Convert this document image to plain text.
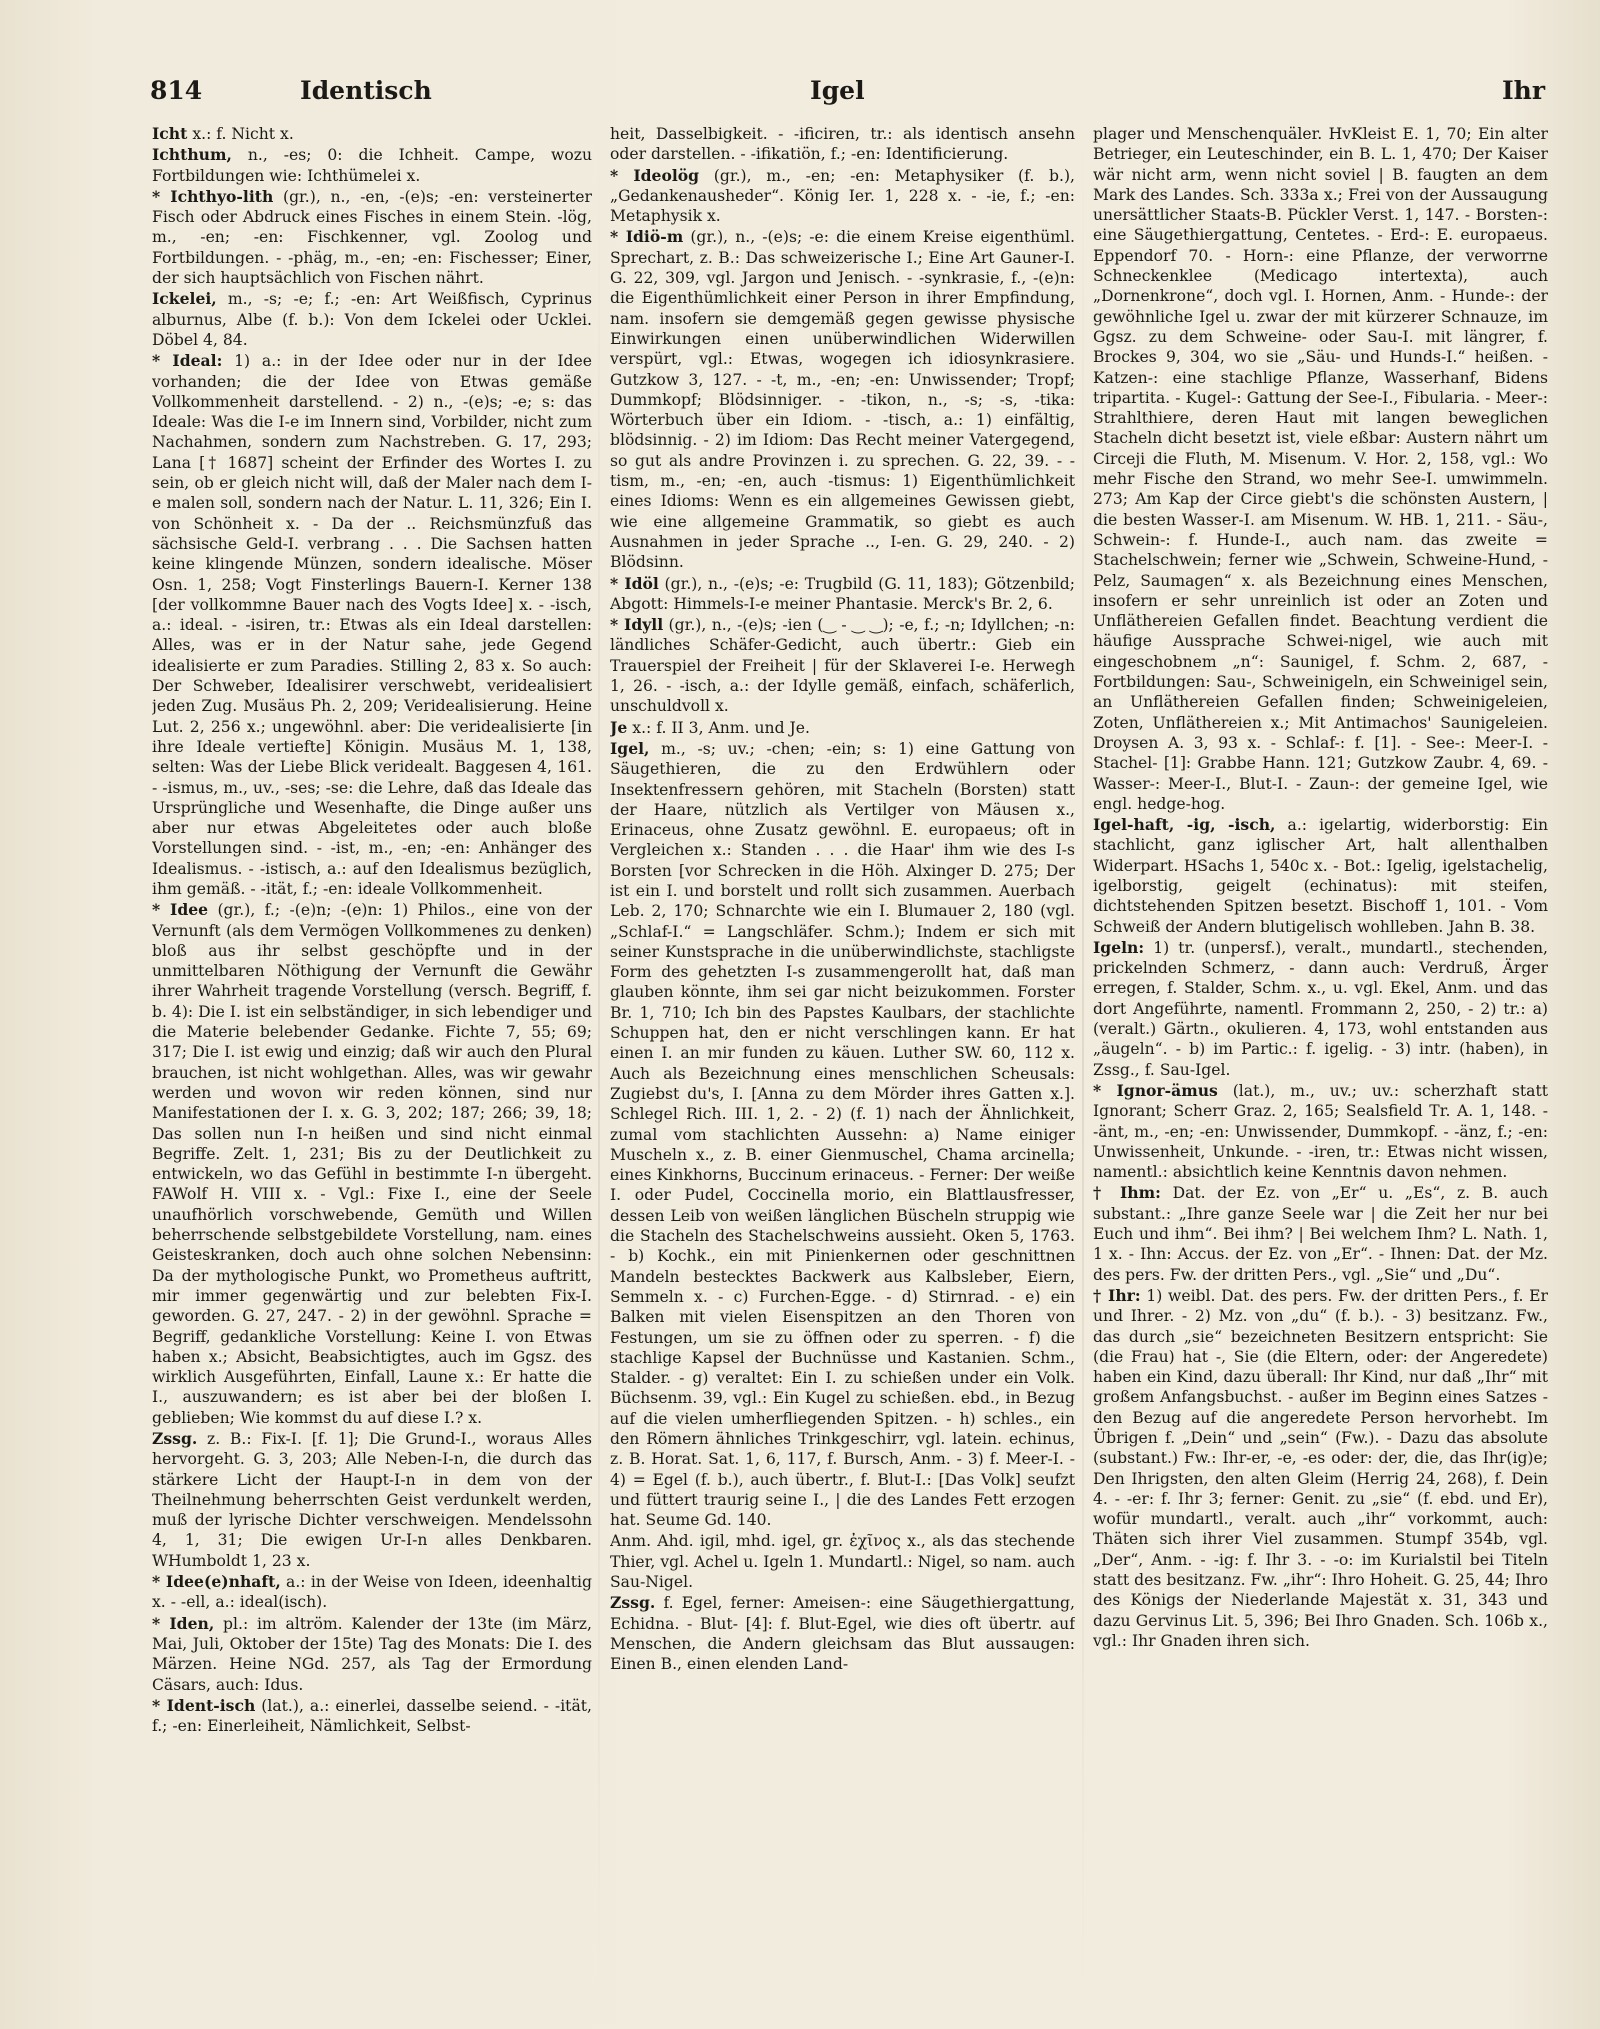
814	Identisch	Igel	Ihr

Icht x.: f. Nicht x.

Ichthum, n., -es; 0: die Ichheit. Campe, wozu Fortbildungen wie: Ichthümelei x.

* Ichthyo-lith (gr.), n., -en, -(e)s; -en: versteinerter Fisch oder Abdruck eines Fisches in einem Stein. -lög, m., -en; -en: Fischkenner, vgl. Zoolog und Fortbildungen. - -phäg, m., -en; -en: Fischesser; Einer, der sich hauptsächlich von Fischen nährt.

Ickelei, m., -s; -e; f.; -en: Art Weißfisch, Cyprinus alburnus, Albe (f. b.): Von dem Ickelei oder Ucklei. Döbel 4, 84.

* Ideal: 1) a.: in der Idee oder nur in der Idee vorhanden; die der Idee von Etwas gemäße Vollkommenheit darstellend. - 2) n., -(e)s; -e; s: das Ideale: Was die I-e im Innern sind, Vorbilder, nicht zum Nachahmen, sondern zum Nachstreben. G. 17, 293; Lana [† 1687] scheint der Erfinder des Wortes I. zu sein, ob er gleich nicht will, daß der Maler nach dem I-e malen soll, sondern nach der Natur. L. 11, 326; Ein I. von Schönheit x. - Da der .. Reichsmünzfuß das sächsische Geld-I. verbrang . . . Die Sachsen hatten keine klingende Münzen, sondern idealische. Möser Osn. 1, 258; Vogt Finsterlings Bauern-I. Kerner 138 [der vollkommne Bauer nach des Vogts Idee] x. - -isch, a.: ideal. - -isiren, tr.: Etwas als ein Ideal darstellen: Alles, was er in der Natur sahe, jede Gegend idealisierte er zum Paradies. Stilling 2, 83 x. So auch: Der Schweber, Idealisirer verschwebt, veridealisiert jeden Zug. Musäus Ph. 2, 209; Veridealisierung. Heine Lut. 2, 256 x.; ungewöhnl. aber: Die veridealisierte [in ihre Ideale vertiefte] Königin. Musäus M. 1, 138, selten: Was der Liebe Blick veridealt. Baggesen 4, 161. - -ismus, m., uv., -ses; -se: die Lehre, daß das Ideale das Ursprüngliche und Wesenhafte, die Dinge außer uns aber nur etwas Abgeleitetes oder auch bloße Vorstellungen sind. - -ist, m., -en; -en: Anhänger des Idealismus. - -istisch, a.: auf den Idealismus bezüglich, ihm gemäß. - -ität, f.; -en: ideale Vollkommenheit.

* Idee (gr.), f.; -(e)n; -(e)n: 1) Philos., eine von der Vernunft (als dem Vermögen Vollkommenes zu denken) bloß aus ihr selbst geschöpfte und in der unmittelbaren Nöthigung der Vernunft die Gewähr ihrer Wahrheit tragende Vorstellung (versch. Begriff, f. b. 4): Die I. ist ein selbständiger, in sich lebendiger und die Materie belebender Gedanke. Fichte 7, 55; 69; 317; Die I. ist ewig und einzig; daß wir auch den Plural brauchen, ist nicht wohlgethan. Alles, was wir gewahr werden und wovon wir reden können, sind nur Manifestationen der I. x. G. 3, 202; 187; 266; 39, 18; Das sollen nun I-n heißen und sind nicht einmal Begriffe. Zelt. 1, 231; Bis zu der Deutlichkeit zu entwickeln, wo das Gefühl in bestimmte I-n übergeht. FAWolf H. VIII x. - Vgl.: Fixe I., eine der Seele unaufhörlich vorschwebende, Gemüth und Willen beherrschende selbstgebildete Vorstellung, nam. eines Geisteskranken, doch auch ohne solchen Nebensinn: Da der mythologische Punkt, wo Prometheus auftritt, mir immer gegenwärtig und zur belebten Fix-I. geworden. G. 27, 247. - 2) in der gewöhnl. Sprache = Begriff, gedankliche Vorstellung: Keine I. von Etwas haben x.; Absicht, Beabsichtigtes, auch im Ggsz. des wirklich Ausgeführten, Einfall, Laune x.: Er hatte die I., auszuwandern; es ist aber bei der bloßen I. geblieben; Wie kommst du auf diese I.? x.

Zssg. z. B.: Fix-I. [f. 1]; Die Grund-I., woraus Alles hervorgeht. G. 3, 203; Alle Neben-I-n, die durch das stärkere Licht der Haupt-I-n in dem von der Theilnehmung beherrschten Geist verdunkelt werden, muß der lyrische Dichter verschweigen. Mendelssohn 4, 1, 31; Die ewigen Ur-I-n alles Denkbaren. WHumboldt 1, 23 x.

* Idee(e)nhaft, a.: in der Weise von Ideen, ideenhaltig x. - -ell, a.: ideal(isch).

* Iden, pl.: im altröm. Kalender der 13te (im März, Mai, Juli, Oktober der 15te) Tag des Monats: Die I. des Märzen. Heine NGd. 257, als Tag der Ermordung Cäsars, auch: Idus.

* Ident-isch (lat.), a.: einerlei, dasselbe seiend. - -ität, f.; -en: Einerleiheit, Nämlichkeit, Selbst-

heit, Dasselbigkeit. - -ificiren, tr.: als identisch ansehn oder darstellen. - -ifikatiön, f.; -en: Identificierung.

* Ideolög (gr.), m., -en; -en: Metaphysiker (f. b.), „Gedankenausheder“. König Ier. 1, 228 x. - -ie, f.; -en: Metaphysik x.

* Idiö-m (gr.), n., -(e)s; -e: die einem Kreise eigenthüml. Sprechart, z. B.: Das schweizerische I.; Eine Art Gauner-I. G. 22, 309, vgl. Jargon und Jenisch. - -synkrasie, f., -(e)n: die Eigenthümlichkeit einer Person in ihrer Empfindung, nam. insofern sie demgemäß gegen gewisse physische Einwirkungen einen unüberwindlichen Widerwillen verspürt, vgl.: Etwas, wogegen ich idiosynkrasiere. Gutzkow 3, 127. - -t, m., -en; -en: Unwissender; Tropf; Dummkopf; Blödsinniger. - -tikon, n., -s; -s, -tika: Wörterbuch über ein Idiom. - -tisch, a.: 1) einfältig, blödsinnig. - 2) im Idiom: Das Recht meiner Vatergegend, so gut als andre Provinzen i. zu sprechen. G. 22, 39. - -tism, m., -en; -en, auch -tismus: 1) Eigenthümlichkeit eines Idioms: Wenn es ein allgemeines Gewissen giebt, wie eine allgemeine Grammatik, so giebt es auch Ausnahmen in jeder Sprache .., I-en. G. 29, 240. - 2) Blödsinn.

* Idöl (gr.), n., -(e)s; -e: Trugbild (G. 11, 183); Götzenbild; Abgott: Himmels-I-e meiner Phantasie. Merck's Br. 2, 6.

* Idyll (gr.), n., -(e)s; -ien (‿ - ‿ ‿); -e, f.; -n; Idyllchen; -n: ländliches Schäfer-Gedicht, auch übertr.: Gieb ein Trauerspiel der Freiheit | für der Sklaverei I-e. Herwegh 1, 26. - -isch, a.: der Idylle gemäß, einfach, schäferlich, unschuldvoll x.

Je x.: f. II 3, Anm. und Je.

Igel, m., -s; uv.; -chen; -ein; s: 1) eine Gattung von Säugethieren, die zu den Erdwühlern oder Insektenfressern gehören, mit Stacheln (Borsten) statt der Haare, nützlich als Vertilger von Mäusen x., Erinaceus, ohne Zusatz gewöhnl. E. europaeus; oft in Vergleichen x.: Standen . . . die Haar' ihm wie des I-s Borsten [vor Schrecken in die Höh. Alxinger D. 275; Der ist ein I. und borstelt und rollt sich zusammen. Auerbach Leb. 2, 170; Schnarchte wie ein I. Blumauer 2, 180 (vgl. „Schlaf-I.“ = Langschläfer. Schm.); Indem er sich mit seiner Kunstsprache in die unüberwindlichste, stachligste Form des gehetzten I-s zusammengerollt hat, daß man glauben könnte, ihm sei gar nicht beizukommen. Forster Br. 1, 710; Ich bin des Papstes Kaulbars, der stachlichte Schuppen hat, den er nicht verschlingen kann. Er hat einen I. an mir funden zu käuen. Luther SW. 60, 112 x. Auch als Bezeichnung eines menschlichen Scheusals: Zugiebst du's, I. [Anna zu dem Mörder ihres Gatten x.]. Schlegel Rich. III. 1, 2. - 2) (f. 1) nach der Ähnlichkeit, zumal vom stachlichten Aussehn: a) Name einiger Muscheln x., z. B. einer Gienmuschel, Chama arcinella; eines Kinkhorns, Buccinum erinaceus. - Ferner: Der weiße I. oder Pudel, Coccinella morio, ein Blattlausfresser, dessen Leib von weißen länglichen Büscheln struppig wie die Stacheln des Stachelschweins aussieht. Oken 5, 1763. - b) Kochk., ein mit Pinienkernen oder geschnittnen Mandeln bestecktes Backwerk aus Kalbsleber, Eiern, Semmeln x. - c) Furchen-Egge. - d) Stirnrad. - e) ein Balken mit vielen Eisenspitzen an den Thoren von Festungen, um sie zu öffnen oder zu sperren. - f) die stachlige Kapsel der Buchnüsse und Kastanien. Schm., Stalder. - g) veraltet: Ein I. zu schießen under ein Volk. Büchsenm. 39, vgl.: Ein Kugel zu schießen. ebd., in Bezug auf die vielen umherfliegenden Spitzen. - h) schles., ein den Römern ähnliches Trinkgeschirr, vgl. latein. echinus, z. B. Horat. Sat. 1, 6, 117, f. Bursch, Anm. - 3) f. Meer-I. - 4) = Egel (f. b.), auch übertr., f. Blut-I.: [Das Volk] seufzt und füttert traurig seine I., | die des Landes Fett erzogen hat. Seume Gd. 140.

Anm. Ahd. igil, mhd. igel, gr. ἐχῖνος x., als das stechende Thier, vgl. Achel u. Igeln 1. Mundartl.: Nigel, so nam. auch Sau-Nigel.

Zssg. f. Egel, ferner: Ameisen-: eine Säugethiergattung, Echidna. - Blut- [4]: f. Blut-Egel, wie dies oft übertr. auf Menschen, die Andern gleichsam das Blut aussaugen: Einen B., einen elenden Land-

plager und Menschenquäler. HvKleist E. 1, 70; Ein alter Betrieger, ein Leuteschinder, ein B. L. 1, 470; Der Kaiser wär nicht arm, wenn nicht soviel | B. faugten an dem Mark des Landes. Sch. 333a x.; Frei von der Aussaugung unersättlicher Staats-B. Pückler Verst. 1, 147. - Borsten-: eine Säugethiergattung, Centetes. - Erd-: E. europaeus. Eppendorf 70. - Horn-: eine Pflanze, der verworrne Schneckenklee (Medicago intertexta), auch „Dornenkrone“, doch vgl. I. Hornen, Anm. - Hunde-: der gewöhnliche Igel u. zwar der mit kürzerer Schnauze, im Ggsz. zu dem Schweine- oder Sau-I. mit längrer, f. Brockes 9, 304, wo sie „Säu- und Hunds-I.“ heißen. - Katzen-: eine stachlige Pflanze, Wasserhanf, Bidens tripartita. - Kugel-: Gattung der See-I., Fibularia. - Meer-: Strahlthiere, deren Haut mit langen beweglichen Stacheln dicht besetzt ist, viele eßbar: Austern nährt um Circeji die Fluth, M. Misenum. V. Hor. 2, 158, vgl.: Wo mehr Fische den Strand, wo mehr See-I. umwimmeln. 273; Am Kap der Circe giebt's die schönsten Austern, | die besten Wasser-I. am Misenum. W. HB. 1, 211. - Säu-, Schwein-: f. Hunde-I., auch nam. das zweite = Stachelschwein; ferner wie „Schwein, Schweine-Hund, -Pelz, Saumagen“ x. als Bezeichnung eines Menschen, insofern er sehr unreinlich ist oder an Zoten und Unfläthereien Gefallen findet. Beachtung verdient die häufige Aussprache Schwei-nigel, wie auch mit eingeschobnem „n“: Saunigel, f. Schm. 2, 687, - Fortbildungen: Sau-, Schweinigeln, ein Schweinigel sein, an Unfläthereien Gefallen finden; Schweinigeleien, Zoten, Unfläthereien x.; Mit Antimachos' Saunigeleien. Droysen A. 3, 93 x. - Schlaf-: f. [1]. - See-: Meer-I. - Stachel- [1]: Grabbe Hann. 121; Gutzkow Zaubr. 4, 69. - Wasser-: Meer-I., Blut-I. - Zaun-: der gemeine Igel, wie engl. hedge-hog.

Igel-haft, -ig, -isch, a.: igelartig, widerborstig: Ein stachlicht, ganz iglischer Art, halt allenthalben Widerpart. HSachs 1, 540c x. - Bot.: Igelig, igelstachelig, igelborstig, geigelt (echinatus): mit steifen, dichtstehenden Spitzen besetzt. Bischoff 1, 101. - Vom Schweiß der Andern blutigelisch wohlleben. Jahn B. 38.

Igeln: 1) tr. (unpersf.), veralt., mundartl., stechenden, prickelnden Schmerz, - dann auch: Verdruß, Ärger erregen, f. Stalder, Schm. x., u. vgl. Ekel, Anm. und das dort Angeführte, namentl. Frommann 2, 250, - 2) tr.: a) (veralt.) Gärtn., okulieren. 4, 173, wohl entstanden aus „äugeln“. - b) im Partic.: f. igelig. - 3) intr. (haben), in Zssg., f. Sau-Igel.

* Ignor-ämus (lat.), m., uv.; uv.: scherzhaft statt Ignorant; Scherr Graz. 2, 165; Sealsfield Tr. A. 1, 148. - -änt, m., -en; -en: Unwissender, Dummkopf. - -änz, f.; -en: Unwissenheit, Unkunde. - -iren, tr.: Etwas nicht wissen, namentl.: absichtlich keine Kenntnis davon nehmen.

† Ihm: Dat. der Ez. von „Er“ u. „Es“, z. B. auch substant.: „Ihre ganze Seele war | die Zeit her nur bei Euch und ihm“. Bei ihm? | Bei welchem Ihm? L. Nath. 1, 1 x. - Ihn: Accus. der Ez. von „Er“. - Ihnen: Dat. der Mz. des pers. Fw. der dritten Pers., vgl. „Sie“ und „Du“.

† Ihr: 1) weibl. Dat. des pers. Fw. der dritten Pers., f. Er und Ihrer. - 2) Mz. von „du“ (f. b.). - 3) besitzanz. Fw., das durch „sie“ bezeichneten Besitzern entspricht: Sie (die Frau) hat -, Sie (die Eltern, oder: der Angeredete) haben ein Kind, dazu überall: Ihr Kind, nur daß „Ihr“ mit großem Anfangsbuchst. - außer im Beginn eines Satzes - den Bezug auf die angeredete Person hervorhebt. Im Übrigen f. „Dein“ und „sein“ (Fw.). - Dazu das absolute (substant.) Fw.: Ihr-er, -e, -es oder: der, die, das Ihr(ig)e; Den Ihrigsten, den alten Gleim (Herrig 24, 268), f. Dein 4. - -er: f. Ihr 3; ferner: Genit. zu „sie“ (f. ebd. und Er), wofür mundartl., veralt. auch „ihr“ vorkommt, auch: Thäten sich ihrer Viel zusammen. Stumpf 354b, vgl. „Der“, Anm. - -ig: f. Ihr 3. - -o: im Kurialstil bei Titeln statt des besitzanz. Fw. „ihr“: Ihro Hoheit. G. 25, 44; Ihro des Königs der Niederlande Majestät x. 31, 343 und dazu Gervinus Lit. 5, 396; Bei Ihro Gnaden. Sch. 106b x., vgl.: Ihr Gnaden ihren sich.
